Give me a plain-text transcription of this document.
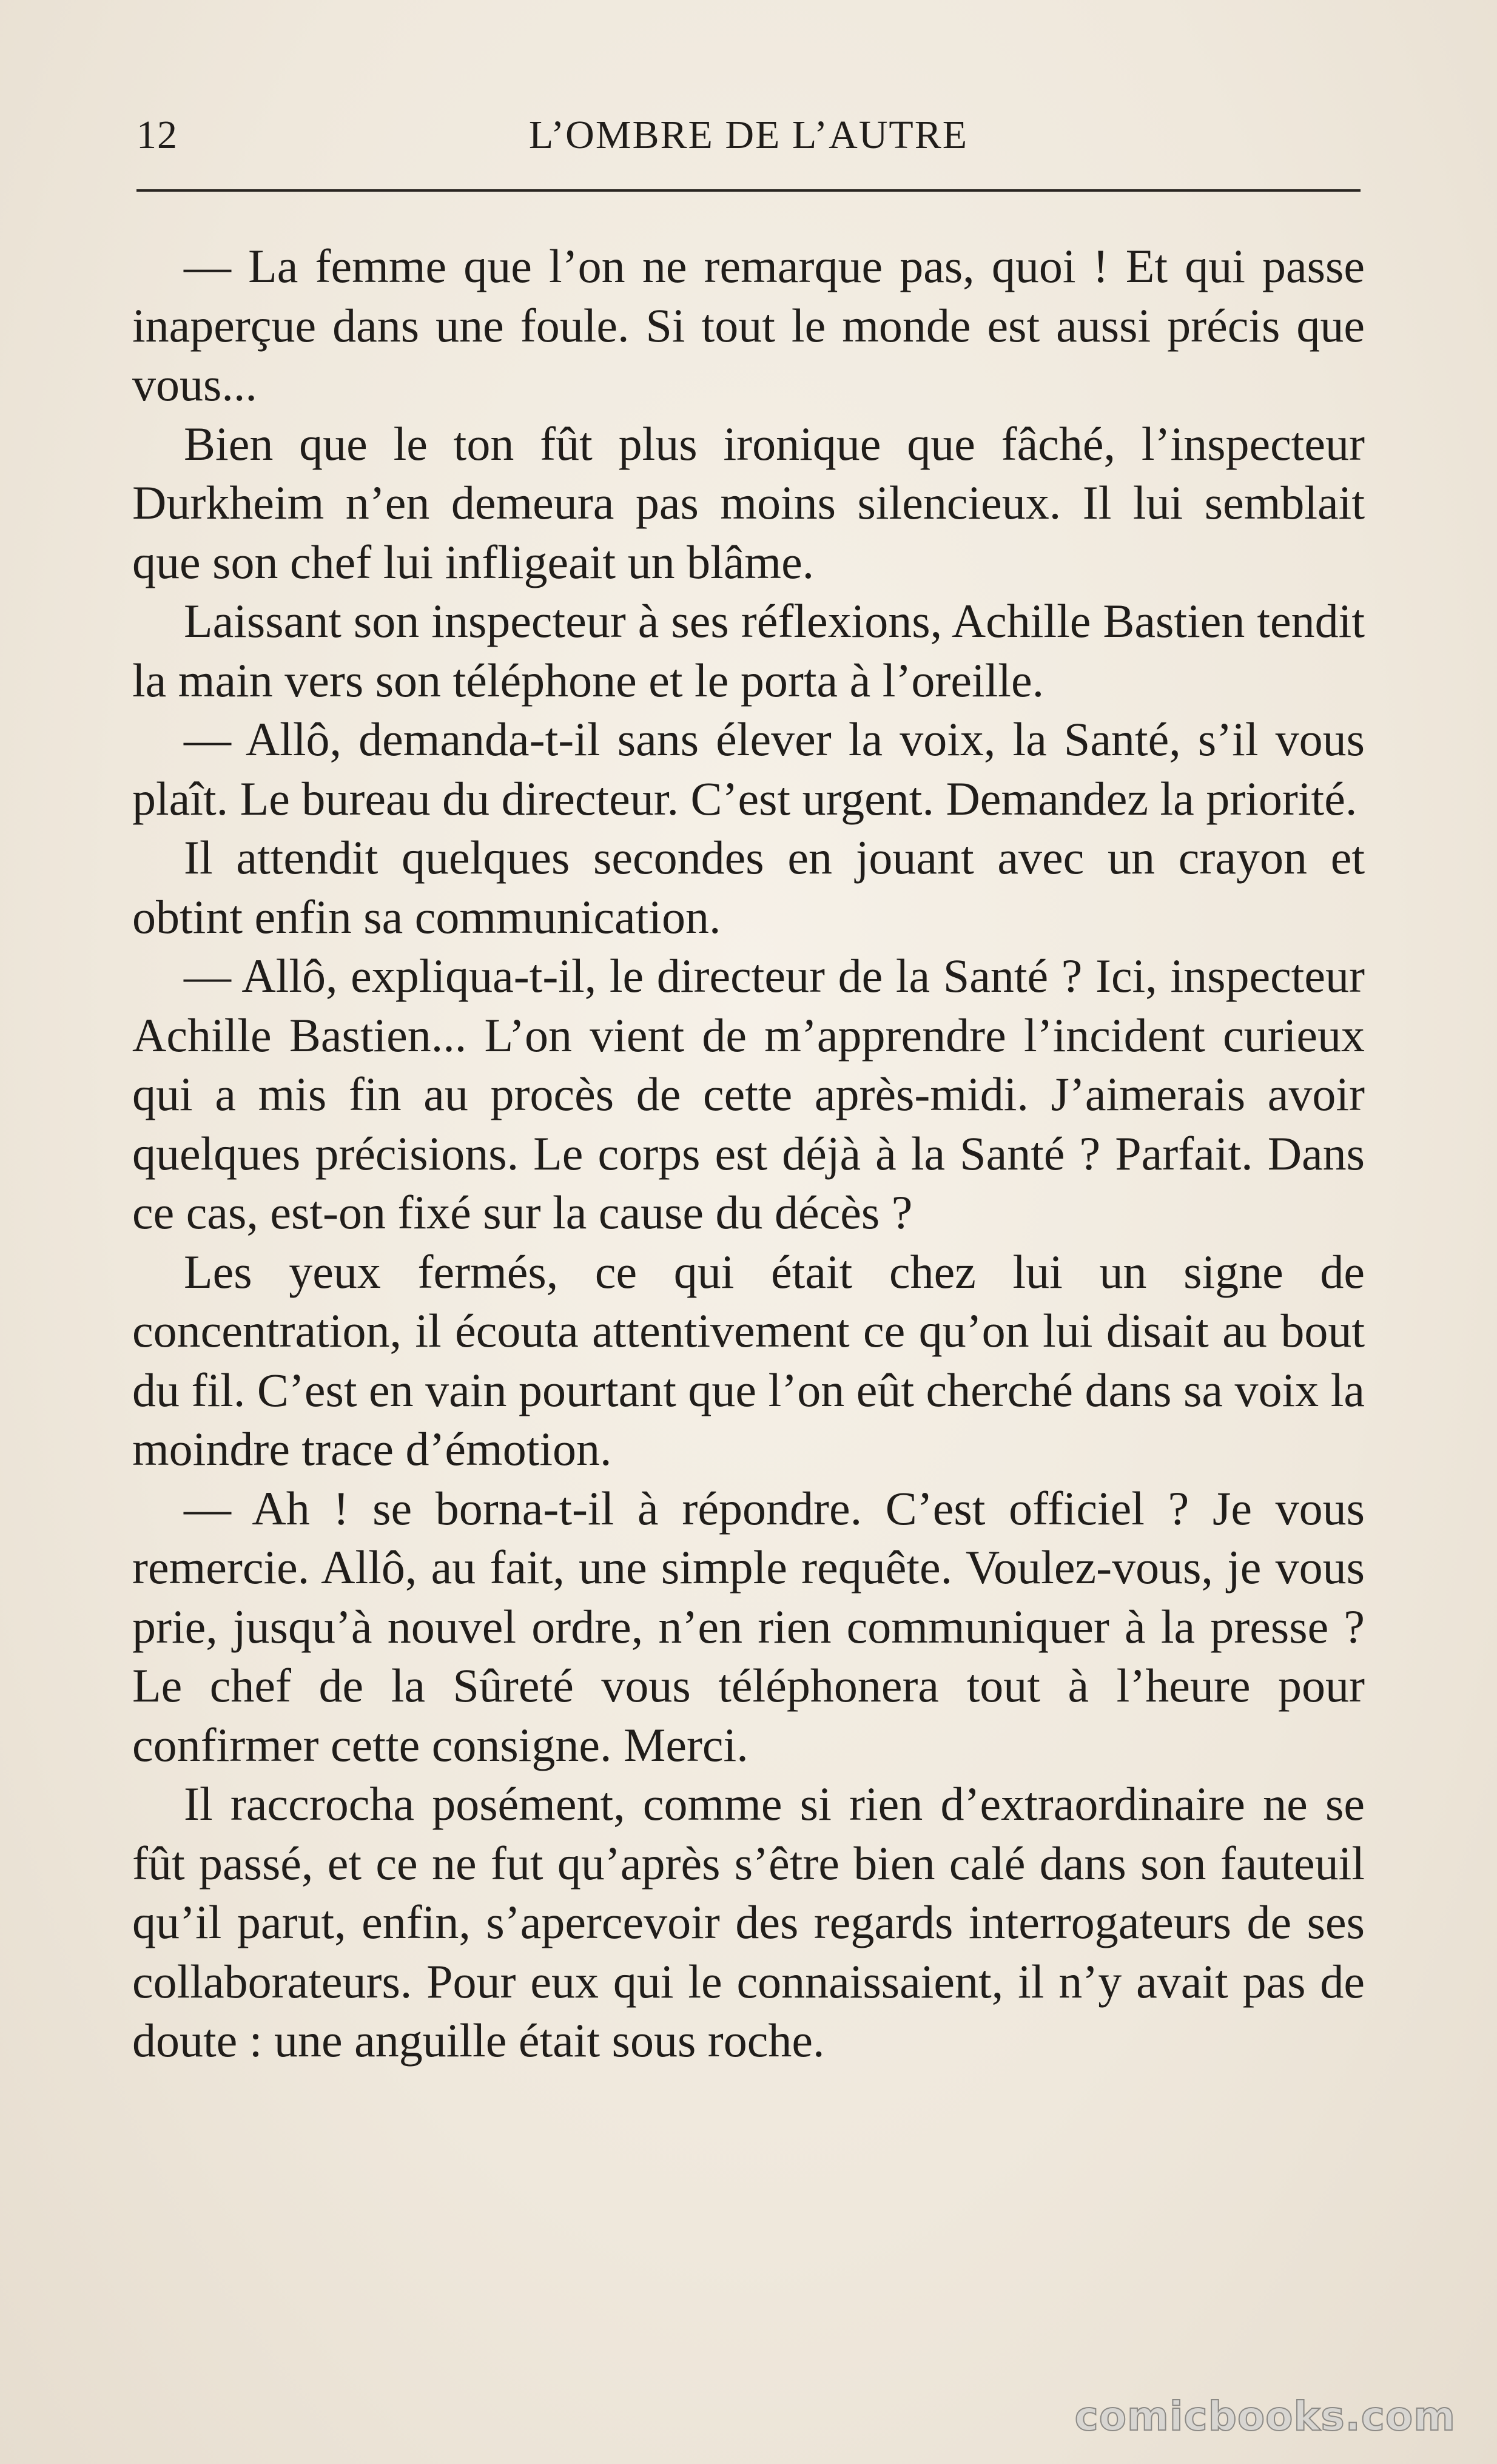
12	L’OMBRE DE L’AUTRE

— La femme que l’on ne remarque pas, quoi ! Et qui passe inaperçue dans une foule. Si tout le monde est aussi précis que vous...

Bien que le ton fût plus ironique que fâché, l’inspecteur Durkheim n’en demeura pas moins silencieux. Il lui semblait que son chef lui infligeait un blâme.

Laissant son inspecteur à ses réflexions, Achille Bastien tendit la main vers son téléphone et le porta à l’oreille.

— Allô, demanda-t-il sans élever la voix, la Santé, s’il vous plaît. Le bureau du directeur. C’est urgent. Demandez la priorité.

Il attendit quelques secondes en jouant avec un crayon et obtint enfin sa communication.

— Allô, expliqua-t-il, le directeur de la Santé ? Ici, inspecteur Achille Bastien... L’on vient de m’apprendre l’incident curieux qui a mis fin au procès de cette après-midi. J’aimerais avoir quelques précisions. Le corps est déjà à la Santé ? Parfait. Dans ce cas, est-on fixé sur la cause du décès ?

Les yeux fermés, ce qui était chez lui un signe de concentration, il écouta attentivement ce qu’on lui disait au bout du fil. C’est en vain pourtant que l’on eût cherché dans sa voix la moindre trace d’émotion.

— Ah ! se borna-t-il à répondre. C’est officiel ? Je vous remercie. Allô, au fait, une simple requête. Voulez-vous, je vous prie, jusqu’à nouvel ordre, n’en rien communiquer à la presse ? Le chef de la Sûreté vous téléphonera tout à l’heure pour confirmer cette consigne. Merci.

Il raccrocha posément, comme si rien d’extraordinaire ne se fût passé, et ce ne fut qu’après s’être bien calé dans son fauteuil qu’il parut, enfin, s’apercevoir des regards interrogateurs de ses collaborateurs. Pour eux qui le connaissaient, il n’y avait pas de doute : une anguille était sous roche.

comicbooks.com
